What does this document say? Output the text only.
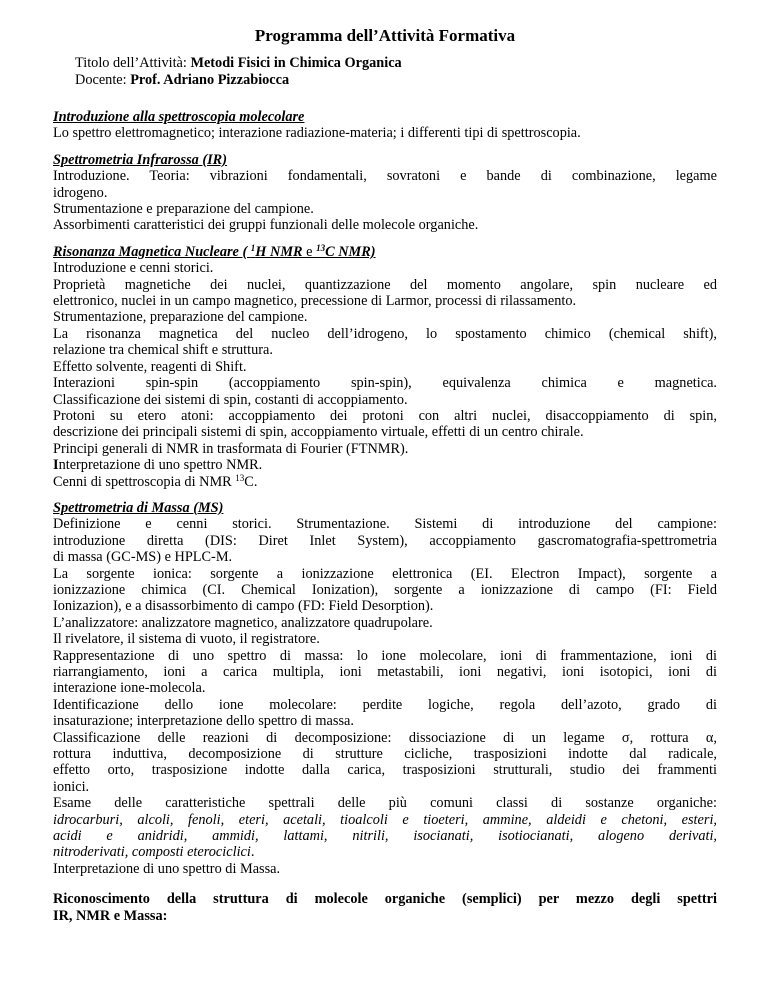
Programma dell’Attività Formativa
Titolo dell’Attività: Metodi Fisici in Chimica Organica
Docente: Prof. Adriano Pizzabiocca
Introduzione alla spettroscopia molecolare
Lo spettro elettromagnetico; interazione radiazione-materia; i differenti tipi di spettroscopia.
Spettrometria Infrarossa (IR)
Introduzione. Teoria: vibrazioni fondamentali, sovratoni e bande di combinazione, legame
idrogeno.
Strumentazione e preparazione del campione.
Assorbimenti caratteristici dei gruppi funzionali delle molecole organiche.
Risonanza Magnetica Nucleare ( $^1$H NMR e $^{13}$C NMR)
Introduzione e cenni storici.
Proprietà magnetiche dei nuclei, quantizzazione del momento angolare, spin nucleare ed
elettronico, nuclei in un campo magnetico, precessione di Larmor, processi di rilassamento.
Strumentazione, preparazione del campione.
La risonanza magnetica del nucleo dell’idrogeno, lo spostamento chimico (chemical shift),
relazione tra chemical shift e struttura.
Effetto solvente, reagenti di Shift.
Interazioni spin-spin (accoppiamento spin-spin), equivalenza chimica e magnetica.
Classificazione dei sistemi di spin, costanti di accoppiamento.
Protoni su etero atoni: accoppiamento dei protoni con altri nuclei, disaccoppiamento di spin,
descrizione dei principali sistemi di spin, accoppiamento virtuale, effetti di un centro chirale.
Principi generali di NMR in trasformata di Fourier (FTNMR).
Interpretazione di uno spettro NMR.
Cenni di spettroscopia di NMR $^{13}$C.
Spettrometria di Massa (MS)
Definizione e cenni storici. Strumentazione. Sistemi di introduzione del campione:
introduzione diretta (DIS: Diret Inlet System), accoppiamento gascromatografia-spettrometria
di massa (GC-MS) e HPLC-M.
La sorgente ionica: sorgente a ionizzazione elettronica (EI. Electron Impact), sorgente a
ionizzazione chimica (CI. Chemical Ionization), sorgente a ionizzazione di campo (FI: Field
Ionizazion), e a disassorbimento di campo (FD: Field Desorption).
L’analizzatore: analizzatore magnetico, analizzatore quadrupolare.
Il rivelatore, il sistema di vuoto, il registratore.
Rappresentazione di uno spettro di massa: lo ione molecolare, ioni di frammentazione, ioni di
riarrangiamento, ioni a carica multipla, ioni metastabili, ioni negativi, ioni isotopici, ioni di
interazione ione-molecola.
Identificazione dello ione molecolare: perdite logiche, regola dell’azoto, grado di
insaturazione; interpretazione dello spettro di massa.
Classificazione delle reazioni di decomposizione: dissociazione di un legame σ, rottura α,
rottura induttiva, decomposizione di strutture cicliche, trasposizioni indotte dal radicale,
effetto orto, trasposizione indotte dalla carica, trasposizioni strutturali, studio dei frammenti
ionici.
Esame delle caratteristiche spettrali delle più comuni classi di sostanze organiche:
idrocarburi, alcoli, fenoli, eteri, acetali, tioalcoli e tioeteri, ammine, aldeidi e chetoni, esteri,
acidi e anidridi, ammidi, lattami, nitrili, isocianati, isotiocianati, alogeno derivati,
nitroderivati, composti eterociclici.
Interpretazione di uno spettro di Massa.
Riconoscimento della struttura di molecole organiche (semplici) per mezzo degli spettri
IR, NMR e Massa:
